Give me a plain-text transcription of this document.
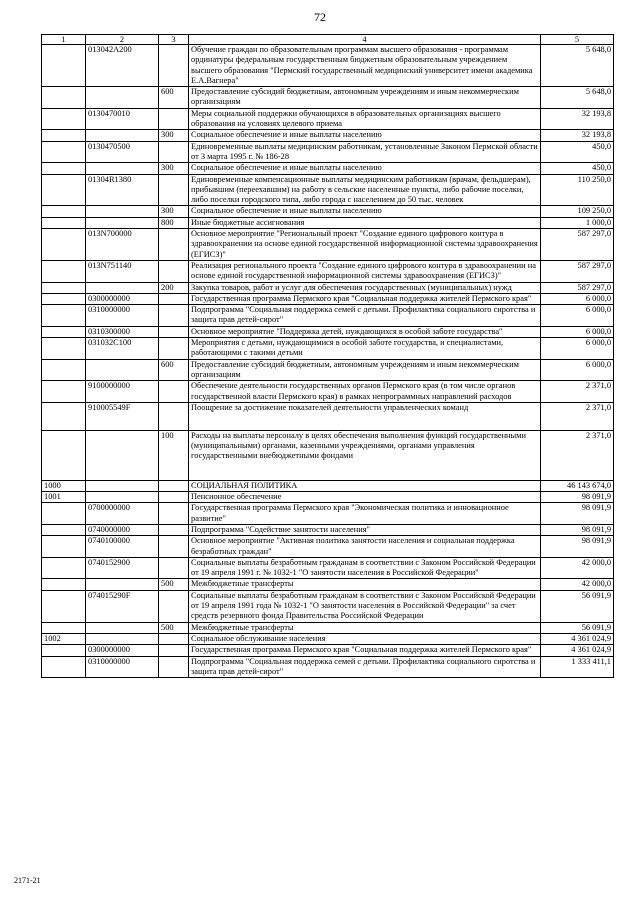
72
1	2	3	4	5
	013042A200		Обучение граждан по образовательным программам высшего образования - программам ординатуры федеральным государственным бюджетным образовательным учреждением высшего образования "Пермский государственный медицинский университет имени академика Е.А.Вагнера"	5 648,0
		600	Предоставление субсидий бюджетным, автономным учреждениям и иным некоммерческим организациям	5 648,0
	0130470010		Меры социальной поддержки обучающихся в образовательных организациях высшего образования на условиях целевого приема	32 193,8
		300	Социальное обеспечение и иные выплаты населению	32 193,8
	0130470500		Единовременные выплаты медицинским работникам, установленные Законом Пермской области от 3 марта 1995 г. № 186-28	450,0
		300	Социальное обеспечение и иные выплаты населению	450,0
	01304R1380		Единовременные компенсационные выплаты медицинским работникам (врачам, фельдшерам), прибывшим (переехавшим) на работу в сельские населенные пункты, либо рабочие поселки, либо поселки городского типа, либо города с населением до 50 тыс. человек	110 250,0
		300	Социальное обеспечение и иные выплаты населению	109 250,0
		800	Иные бюджетные ассигнования	1 000,0
	013N700000		Основное мероприятие "Региональный проект "Создание единого цифрового контура в здравоохранении на основе единой государственной информационной системы здравоохранения (ЕГИСЗ)"	587 297,0
	013N751140		Реализация регионального проекта "Создание единого цифрового контура в здравоохранении на основе единой государственной информационной системы здравоохранения (ЕГИСЗ)"	587 297,0
		200	Закупка товаров, работ и услуг для обеспечения государственных (муниципальных) нужд	587 297,0
	0300000000		Государственная программа Пермского края "Социальная поддержка жителей Пермского края"	6 000,0
	0310000000		Подпрограмма "Социальная поддержка семей с детьми. Профилактика социального сиротства и защита прав детей-сирот"	6 000,0
	0310300000		Основное мероприятие "Поддержка детей, нуждающихся в особой заботе государства"	6 000,0
	031032С100		Мероприятия с детьми, нуждающимися в особой заботе государства, и специалистами, работающими с такими детьми	6 000,0
		600	Предоставление субсидий бюджетным, автономным учреждениям и иным некоммерческим организациям	6 000,0
	9100000000		Обеспечение деятельности государственных органов Пермского края (в том числе органов государственной власти Пермского края) в рамках непрограммных направлений расходов	2 371,0
	910005549F		Поощрение за достижение показателей деятельности управленческих команд	2 371,0
		100	Расходы на выплаты персоналу в целях обеспечения выполнения функций государственными (муниципальными) органами, казенными учреждениями, органами управления государственными внебюджетными фондами	2 371,0
1000			СОЦИАЛЬНАЯ ПОЛИТИКА	46 143 674,0
1001			Пенсионное обеспечение	98 091,9
	0700000000		Государственная программа Пермского края "Экономическая политика и инновационное развитие"	98 091,9
	0740000000		Подпрограмма "Содействие занятости населения"	98 091,9
	0740100000		Основное мероприятие "Активная политика занятости населения и социальная поддержка безработных граждан"	98 091,9
	0740152900		Социальные выплаты безработным гражданам в соответствии с Законом Российской Федерации от 19 апреля 1991 г. № 1032-1 "О занятости населения в Российской Федерации"	42 000,0
		500	Межбюджетные трансферты	42 000,0
	074015290F		Социальные выплаты безработным гражданам в соответствии с Законом Российской Федерации от 19 апреля 1991 года № 1032-1 "О занятости населения в Российской Федерации" за счет средств резервного фонда Правительства Российской Федерации	56 091,9
		500	Межбюджетные трансферты	56 091,9
1002			Социальное обслуживание населения	4 361 024,9
	0300000000		Государственная программа Пермского края "Социальная поддержка жителей Пермского края"	4 361 024,9
	0310000000		Подпрограмма "Социальная поддержка семей с детьми. Профилактика социального сиротства и защита прав детей-сирот"	1 333 411,1
2171-21
